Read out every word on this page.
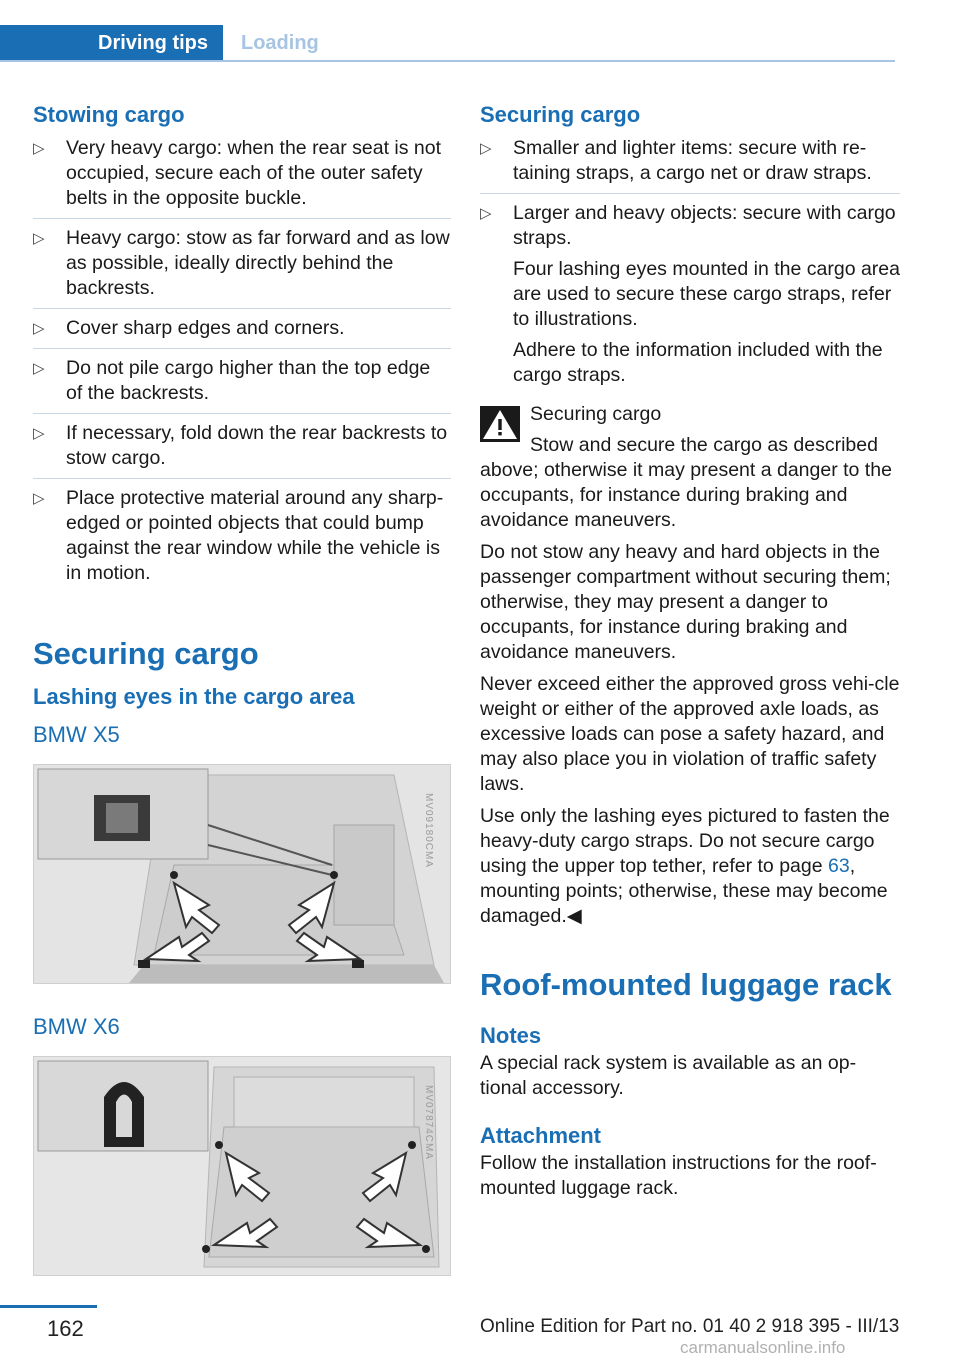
Driving tips	Loading
Stowing cargo
▷ Very heavy cargo: when the rear seat is not occupied, secure each of the outer safety belts in the opposite buckle.
▷ Heavy cargo: stow as far forward and as low as possible, ideally directly behind the backrests.
▷ Cover sharp edges and corners.
▷ Do not pile cargo higher than the top edge of the backrests.
▷ If necessary, fold down the rear backrests to stow cargo.
▷ Place protective material around any sharp-edged or pointed objects that could bump against the rear window while the vehicle is in motion.
Securing cargo
Lashing eyes in the cargo area
BMW X5
MV09180CMA
BMW X6
MV07874CMA
Securing cargo
▷ Smaller and lighter items: secure with re‐taining straps, a cargo net or draw straps.
▷ Larger and heavy objects: secure with cargo straps.

Four lashing eyes mounted in the cargo area are used to secure these cargo straps, refer to illustrations.

Adhere to the information included with the cargo straps.

Securing cargo

Stow and secure the cargo as described above; otherwise it may present a danger to the occupants, for instance during braking and avoidance maneuvers.

Do not stow any heavy and hard objects in the passenger compartment without securing them; otherwise, they may present a danger to occupants, for instance during braking and avoidance maneuvers.

Never exceed either the approved gross vehi‐cle weight or either of the approved axle loads, as excessive loads can pose a safety hazard, and may also place you in violation of traffic safety laws.

Use only the lashing eyes pictured to fasten the heavy-duty cargo straps. Do not secure cargo using the upper top tether, refer to page 63, mounting points; otherwise, these may become damaged.◀

Roof-mounted luggage rack
Notes

A special rack system is available as an op‐tional accessory.

Attachment

Follow the installation instructions for the roof-mounted luggage rack.

162	Online Edition for Part no. 01 40 2 918 395 - III/13
carmanualsonline.info
